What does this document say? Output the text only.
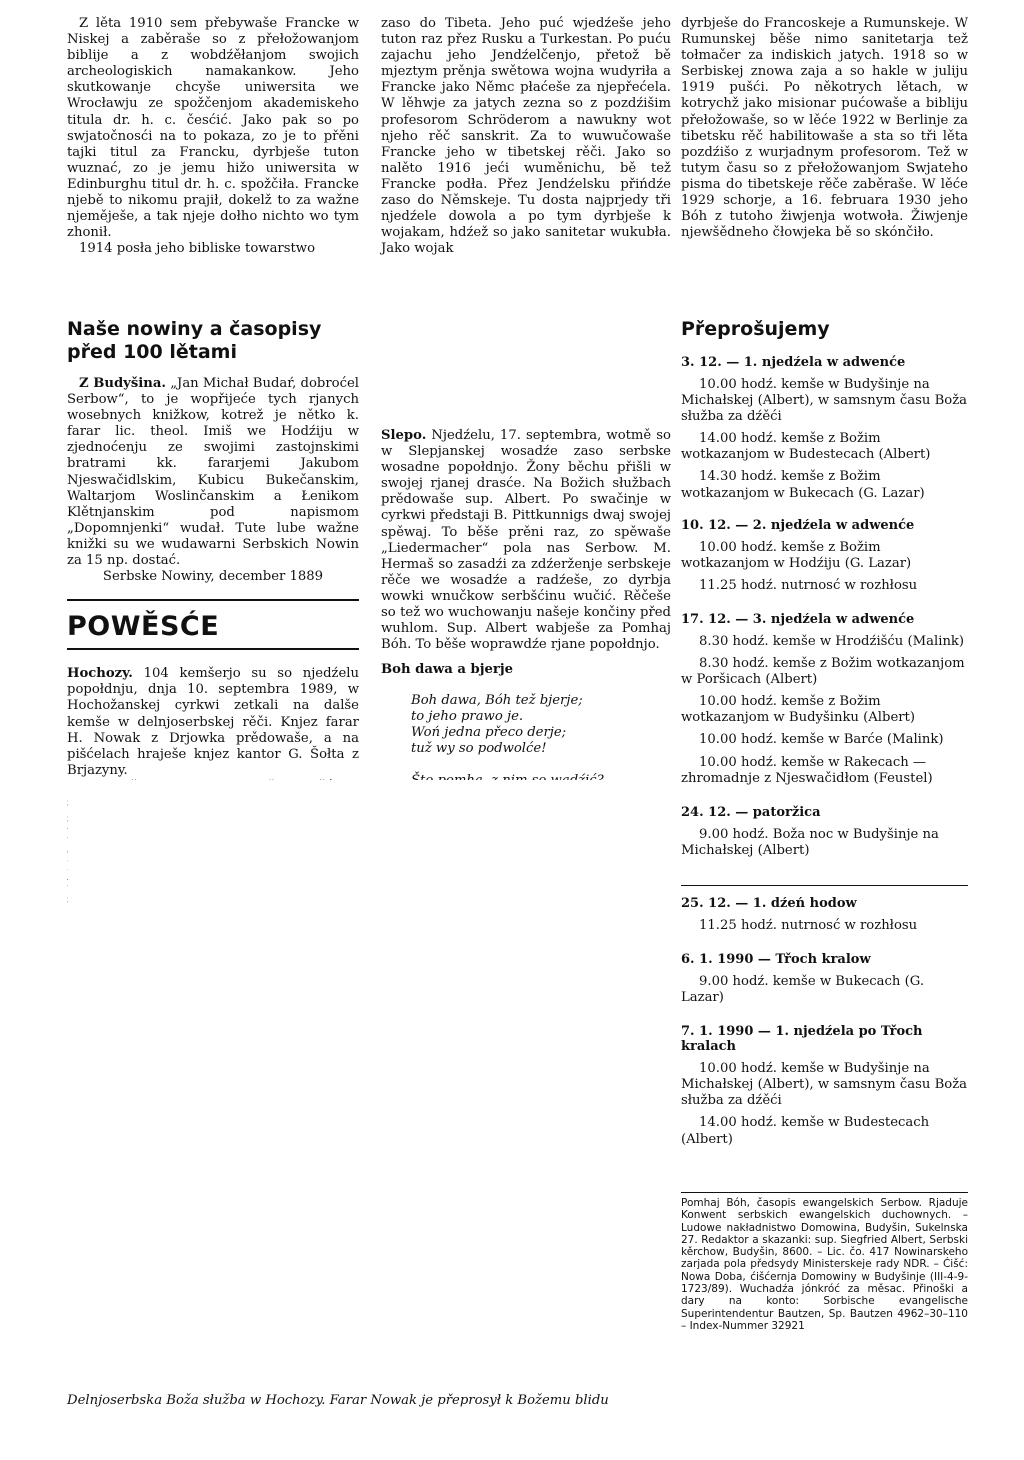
Z lěta 1910 sem přebywaše Francke w Niskej a zaběraše so z přełožowanjom biblije a z wobdźěłanjom swojich archeologiskich namakankow. Jeho skutkowanje chcyše uniwersita we Wrocławju ze spožčenjom akademiskeho titula dr. h. c. česćić. Jako pak so po swjatočnosći na to pokaza, zo je to přěni tajki titul za Francku, dyrbješe tuton wuznać, zo je jemu hižo uniwersita w Edinburghu titul dr. h. c. spožčiła. Francke njebě to nikomu prajił, dokelž to za wažne njeměješe, a tak njeje dołho nichto wo tym zhonił.

1914 posła jeho bibliske towarstwo

zaso do Tibeta. Jeho puć wjedźeše jeho tuton raz přez Rusku a Turkestan. Po puću zajachu jeho Jendźelčenjo, přetož bě mjeztym prěnja swětowa wojna wudyriła a Francke jako Němc płaćeše za njepřećela. W lěhwje za jatych zezna so z pozdźišim profesorom Schröderom a nawukny wot njeho rěč sanskrit. Za to wuwučowaše Francke jeho w tibetskej rěči. Jako so nalěto 1916 jeći wuměnichu, bě tež Francke podła. Přez Jendźelsku přińdźe zaso do Němskeje. Tu dosta najprjedy tři njedźele dowola a po tym dyrbješe k wojakam, hdźež so jako sanitetar wukubła. Jako wojak

dyrbješe do Francoskeje a Rumunskeje. W Rumunskej běše nimo sanitetarja tež tołmačer za indiskich jatych. 1918 so w Serbiskej znowa zaja a so hakle w juliju 1919 pušći. Po někotrych lětach, w kotrychž jako misionar pućowaše a bibliju přełožowaše, so w lěće 1922 w Berlinje za tibetsku rěč habilitowaše a sta so tři lěta pozdźišo z wurjadnym profesorom. Tež w tutym času so z přełožowanjom Swjateho pisma do tibetskeje rěče zaběraše. W lěće 1929 schorje, a 16. februara 1930 jeho Bóh z tutoho žiwjenja wotwoła. Žiwjenje njewšědneho čłowjeka bě so skónčiło.

Naše nowiny a časopisy před 100 lětami

Z Budyšina. „Jan Michał Budaŕ, dobroćel Serbow“, to je wopřijeće tych rjanych wosebnych knižkow, kotrež je nětko k. farar lic. theol. Imiš we Hodźiju w zjednoćenju ze swojimi zastojnskimi bratrami kk. fararjemi Jakubom Njeswačidlskim, Kubicu Bukečanskim, Waltarjom Woslinčanskim a Łenikom Klětnjanskim pod napismom „Dopomnjenki“ wudał. Tute lube wažne knižki su we wudawarni Serbskich Nowin za 15 np. dostać.

Serbske Nowiny, december 1889

POWĚSĆE

Hochozy. 104 kemšerjo su so njedźelu popołdnju, dnja 10. septembra 1989, w Hochožanskej cyrkwi zetkali na dalše kemše w delnjoserbskej rěči. Knjez farar H. Nowak z Drjowka prědowaše, a na pišćelach hraješe knjez kantor G. Šołta z Brjazyny.

Slepo. Njedźelu, 17. septembra, wotmě so w Slepjanskej wosadźe zaso serbske wosadne popołdnjo. Žony běchu přišli w swojej rjanej drasće. Na Božich słužbach prědowaše sup. Albert. Po swačinje w cyrkwi předstaji B. Pittkunnigs dwaj swojej spěwaj. To běše prěni raz, zo spěwaše „Liedermacher“ pola nas Serbow. M. Hermaš so zasadźi za zdźerženje serbskeje rěče we wosadźe a radźeše, zo dyrbja wowki wnučkow serbšćinu wučić. Rěčeše so tež wo wuchowanju našeje končiny před wuhlom. Sup. Albert wabješe za Pomhaj Bóh. To běše woprawdźe rjane popołdnjo.

Boh dawa a bjerje

Boh dawa, Bóh tež bjerje;

to jeho prawo je.

Woń jedna přeco derje;

tuž wy so podwolće!

Delnjoserbska Boža słužba w Hochozy. Farar Nowak je přeprosył k Božemu blidu
Přeprošujemy
3. 12. — 1. njedźela w adwenće
10.00 hodź. kemše w Budyšinje na Michałskej (Albert), w samsnym času Boža słužba za dźěći
14.00 hodź. kemše z Božim wotkazanjom w Budestecach (Albert)
14.30 hodź. kemše z Božim wotkazanjom w Bukecach (G. Lazar)
10. 12. — 2. njedźela w adwenće
10.00 hodź. kemše z Božim wotkazanjom w Hodźiju (G. Lazar)
11.25 hodź. nutrnosć w rozhłosu
17. 12. — 3. njedźela w adwenće
8.30 hodź. kemše w Hrodźišću (Malink)
8.30 hodź. kemše z Božim wotkazanjom w Poršicach (Albert)
10.00 hodź. kemše z Božim wotkazanjom w Budyšinku (Albert)
10.00 hodź. kemše w Barće (Malink)
10.00 hodź. kemše w Rakecach — zhromadnje z Njeswačidłom (Feustel)
24. 12. — patoržica
9.00 hodź. Boža noc w Budyšinje na Michałskej (Albert)
25. 12. — 1. dźeń hodow
11.25 hodź. nutrnosć w rozhłosu
6. 1. 1990 — Třoch kralow
9.00 hodź. kemše w Bukecach (G. Lazar)
7. 1. 1990 — 1. njedźela po Třoch kralach
10.00 hodź. kemše w Budyšinje na Michałskej (Albert), w samsnym času Boža słužba za dźěći
14.00 hodź. kemše w Budestecach (Albert)
Pomhaj Bóh, časopis ewangelskich Serbow. Rjaduje Konwent serbskich ewangelskich duchownych. – Ludowe nakładnistwo Domowina, Budyšin, Sukelnska 27. Redaktor a skazanki: sup. Siegfried Albert, Serbski kěrchow, Budyšin, 8600. – Lic. čo. 417 Nowinarskeho zarjada pola předsydy Ministerskeje rady NDR. – Ćišć: Nowa Doba, ćišćernja Domowiny w Budyšinje (III-4-9-1723/89). Wuchadźa jónkróć za měsac. Přinoški a dary na konto: Sorbische evangelische Superintendentur Bautzen, Sp. Bautzen 4962–30–110 – Index-Nummer 32921
